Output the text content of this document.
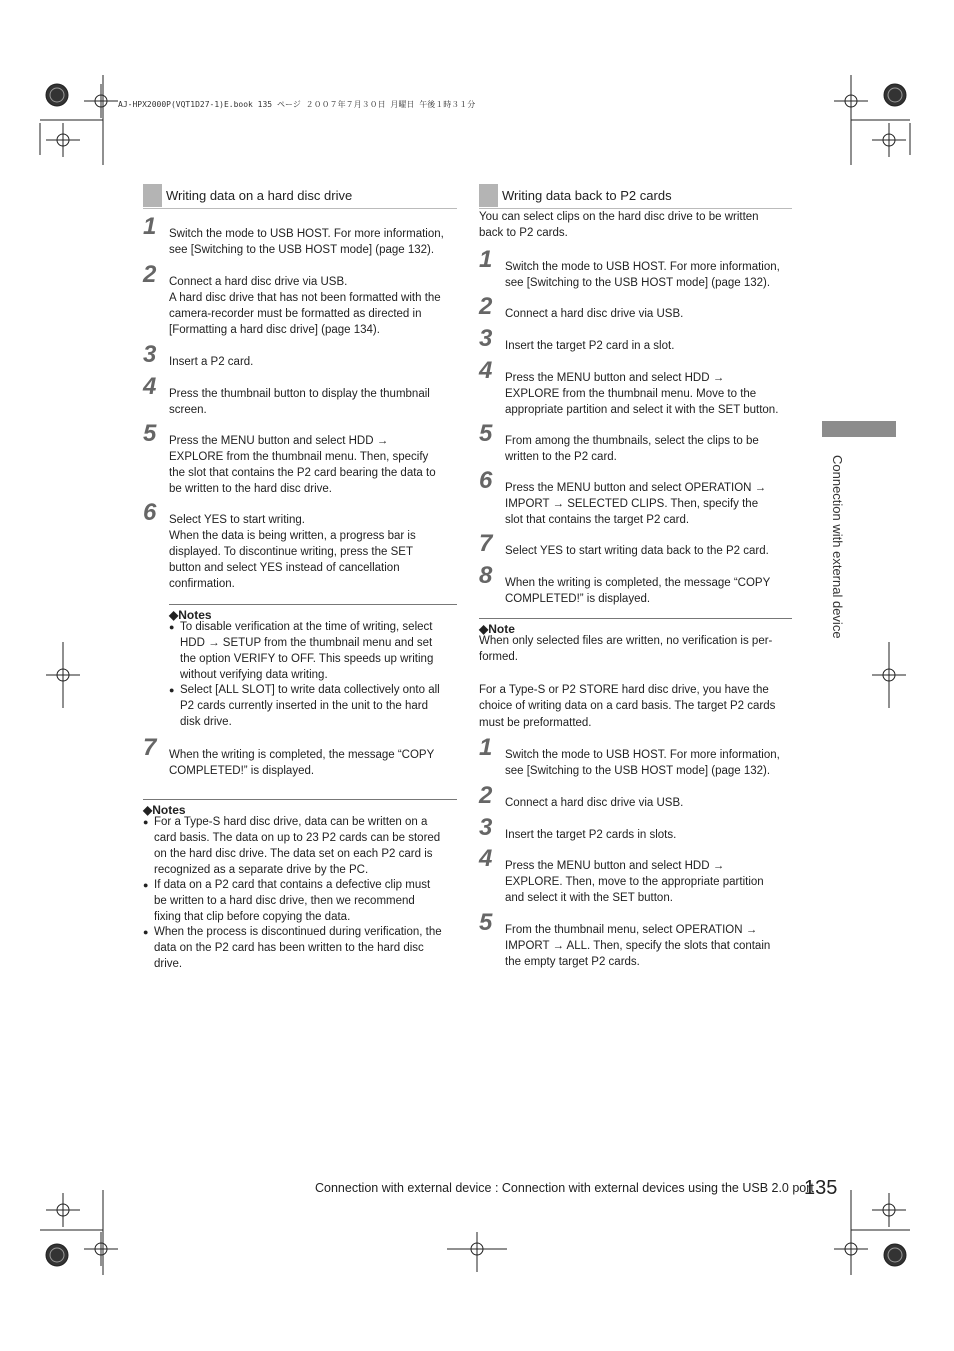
AJ-HPX2000P(VQT1D27-1)E.book 135 ページ ２００７年７月３０日 月曜日 午後１時３１分
Writing data on a hard disc drive
1 Switch the mode to USB HOST. For more information,
see [Switching to the USB HOST mode] (page 132).
2 Connect a hard disc drive via USB.
A hard disc drive that has not been formatted with the
camera-recorder must be formatted as directed in
[Formatting a hard disc drive] (page 134).
3 Insert a P2 card.
4 Press the thumbnail button to display the thumbnail
screen.
5 Press the MENU button and select HDD →
EXPLORE from the thumbnail menu. Then, specify
the slot that contains the P2 card bearing the data to
be written to the hard disc drive.
6 Select YES to start writing.
When the data is being written, a progress bar is
displayed. To discontinue writing, press the SET
button and select YES instead of cancellation
confirmation.
◆Notes
● To disable verification at the time of writing, select
HDD → SETUP from the thumbnail menu and set
the option VERIFY to OFF. This speeds up writing
without verifying data writing.
● Select [ALL SLOT] to write data collectively onto all
P2 cards currently inserted in the unit to the hard
disk drive.
7 When the writing is completed, the message “COPY
COMPLETED!” is displayed.
◆Notes
● For a Type-S hard disc drive, data can be written on a
card basis. The data on up to 23 P2 cards can be stored
on the hard disc drive. The data set on each P2 card is
recognized as a separate drive by the PC.
● If data on a P2 card that contains a defective clip must
be written to a hard disc drive, then we recommend
fixing that clip before copying the data.
● When the process is discontinued during verification, the
data on the P2 card has been written to the hard disc
drive.
Writing data back to P2 cards
You can select clips on the hard disc drive to be written
back to P2 cards.
1 Switch the mode to USB HOST. For more information,
see [Switching to the USB HOST mode] (page 132).
2 Connect a hard disc drive via USB.
3 Insert the target P2 card in a slot.
4 Press the MENU button and select HDD →
EXPLORE from the thumbnail menu. Move to the
appropriate partition and select it with the SET button.
5 From among the thumbnails, select the clips to be
written to the P2 card.
6 Press the MENU button and select OPERATION →
IMPORT → SELECTED CLIPS. Then, specify the
slot that contains the target P2 card.
7 Select YES to start writing data back to the P2 card.
8 When the writing is completed, the message “COPY
COMPLETED!” is displayed.
◆Note
When only selected files are written, no verification is per-
formed.
For a Type-S or P2 STORE hard disc drive, you have the
choice of writing data on a card basis. The target P2 cards
must be preformatted.
1 Switch the mode to USB HOST. For more information,
see [Switching to the USB HOST mode] (page 132).
2 Connect a hard disc drive via USB.
3 Insert the target P2 cards in slots.
4 Press the MENU button and select HDD →
EXPLORE. Then, move to the appropriate partition
and select it with the SET button.
5 From the thumbnail menu, select OPERATION →
IMPORT → ALL. Then, specify the slots that contain
the empty target P2 cards.
Connection with external device
Connection with external device : Connection with external devices using the USB 2.0 port
135
